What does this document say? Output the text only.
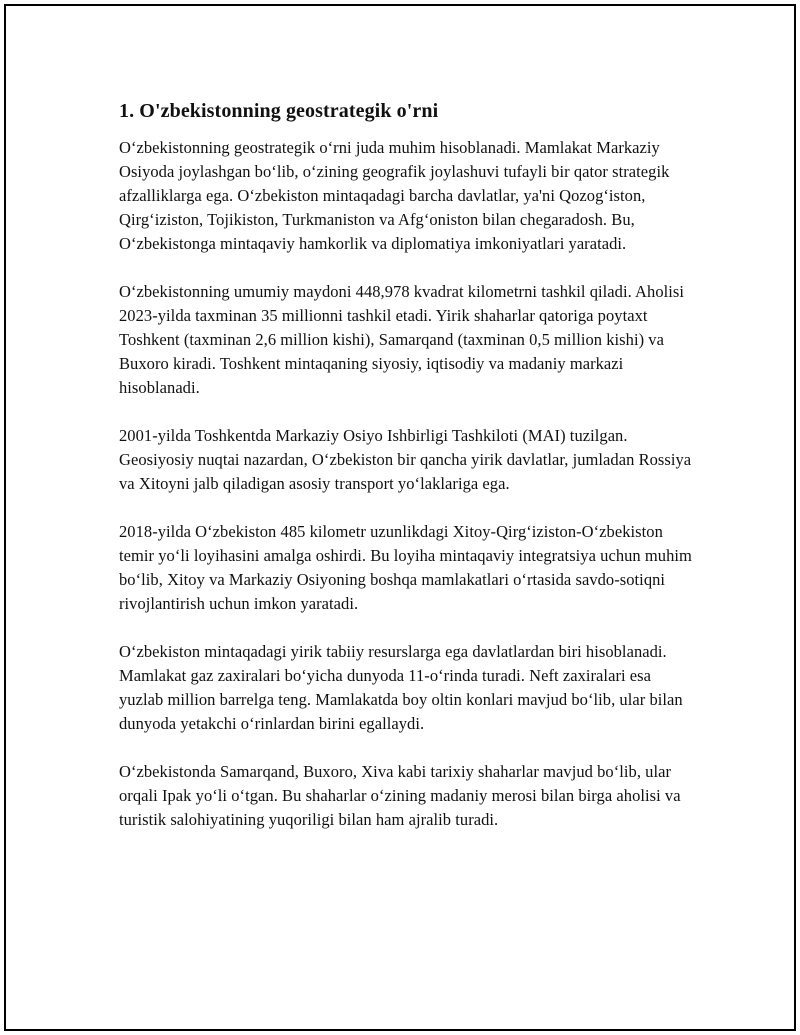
1. O'zbekistonning geostrategik o'rni

O‘zbekistonning geostrategik o‘rni juda muhim hisoblanadi. Mamlakat Markaziy Osiyoda joylashgan bo‘lib, o‘zining geografik joylashuvi tufayli bir qator strategik afzalliklarga ega. O‘zbekiston mintaqadagi barcha davlatlar, ya'ni Qozog‘iston, Qirg‘iziston, Tojikiston, Turkmaniston va Afg‘oniston bilan chegaradosh. Bu, O‘zbekistonga mintaqaviy hamkorlik va diplomatiya imkoniyatlari yaratadi.

O‘zbekistonning umumiy maydoni 448,978 kvadrat kilometrni tashkil qiladi. Aholisi 2023-yilda taxminan 35 millionni tashkil etadi. Yirik shaharlar qatoriga poytaxt Toshkent (taxminan 2,6 million kishi), Samarqand (taxminan 0,5 million kishi) va Buxoro kiradi. Toshkent mintaqaning siyosiy, iqtisodiy va madaniy markazi hisoblanadi.

2001-yilda Toshkentda Markaziy Osiyo Ishbirligi Tashkiloti (MAI) tuzilgan. Geosiyosiy nuqtai nazardan, O‘zbekiston bir qancha yirik davlatlar, jumladan Rossiya va Xitoyni jalb qiladigan asosiy transport yo‘laklariga ega.

2018-yilda O‘zbekiston 485 kilometr uzunlikdagi Xitoy-Qirg‘iziston-O‘zbekiston temir yo‘li loyihasini amalga oshirdi. Bu loyiha mintaqaviy integratsiya uchun muhim bo‘lib, Xitoy va Markaziy Osiyoning boshqa mamlakatlari o‘rtasida savdo-sotiqni rivojlantirish uchun imkon yaratadi.

O‘zbekiston mintaqadagi yirik tabiiy resurslarga ega davlatlardan biri hisoblanadi. Mamlakat gaz zaxiralari bo‘yicha dunyoda 11-o‘rinda turadi. Neft zaxiralari esa yuzlab million barrelga teng. Mamlakatda boy oltin konlari mavjud bo‘lib, ular bilan dunyoda yetakchi o‘rinlardan birini egallaydi.

O‘zbekistonda Samarqand, Buxoro, Xiva kabi tarixiy shaharlar mavjud bo‘lib, ular orqali Ipak yo‘li o‘tgan. Bu shaharlar o‘zining madaniy merosi bilan birga aholisi va turistik salohiyatining yuqoriligi bilan ham ajralib turadi.
